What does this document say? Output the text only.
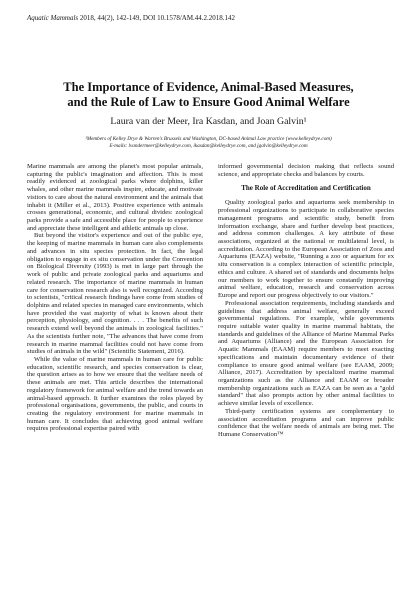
Aquatic Mammals 2018, 44(2), 142-149, DOI 10.1578/AM.44.2.2018.142
The Importance of Evidence, Animal-Based Measures,
and the Rule of Law to Ensure Good Animal Welfare
Laura van der Meer, Ira Kasdan, and Joan Galvin¹
¹Members of Kelley Drye & Warren's Brussels and Washington, DC-based Animal Law practice (www.kelleydrye.com)
E-mails: lvandermeer@kelleydrye.com, ikasdan@kelleydrye.com, and jgalvin@kelleydrye.com

Marine mammals are among the planet's most popular animals, capturing the public's imagination and affection. This is most readily evidenced at zoological parks where dolphins, killer whales, and other marine mammals inspire, educate, and motivate visitors to care about the natural environment and the animals that inhabit it (Miller et al., 2013). Positive experience with animals crosses generational, economic, and cultural divides: zoological parks provide a safe and accessible place for people to experience and appreciate these intelligent and athletic animals up close.

But beyond the visitor's experience and out of the public eye, the keeping of marine mammals in human care also complements and advances in situ species protection. In fact, the legal obligation to engage in ex situ conservation under the Convention on Biological Diversity (1993) is met in large part through the work of public and private zoological parks and aquariums and related research. The importance of marine mammals in human care for conservation research also is well recognized. According to scientists, "critical research findings have come from studies of dolphins and related species in managed care environments, which have provided the vast majority of what is known about their perception, physiology, and cognition. . . . The benefits of such research extend well beyond the animals in zoological facilities." As the scientists further note, "The advances that have come from research in marine mammal facilities could not have come from studies of animals in the wild" (Scientific Statement, 2016).

While the value of marine mammals in human care for public education, scientific research, and species conservation is clear, the question arises as to how we ensure that the welfare needs of these animals are met. This article describes the international regulatory framework for animal welfare and the trend towards an animal-based approach. It further examines the roles played by professional organisations, governments, the public, and courts in creating the regulatory environment for marine mammals in human care. It concludes that achieving good animal welfare requires professional expertise paired with

informed governmental decision making that reflects sound science, and appropriate checks and balances by courts.

The Role of Accreditation and Certification

Quality zoological parks and aquariums seek membership in professional organizations to participate in collaborative species management programs and scientific study, benefit from information exchange, share and further develop best practices, and address common challenges. A key attribute of these associations, organized at the national or multilateral level, is accreditation. According to the European Association of Zoos and Aquariums (EAZA) website, "Running a zoo or aquarium for ex situ conservation is a complex interaction of scientific principle, ethics and culture. A shared set of standards and documents helps our members to work together to ensure constantly improving animal welfare, education, research and conservation across Europe and report our progress objectively to our visitors."

Professional association requirements, including standards and guidelines that address animal welfare, generally exceed governmental regulations. For example, while governments require suitable water quality in marine mammal habitats, the standards and guidelines of the Alliance of Marine Mammal Parks and Aquariums (Alliance) and the European Association for Aquatic Mammals (EAAM) require members to meet exacting specifications and maintain documentary evidence of their compliance to ensure good animal welfare (see EAAM, 2009; Alliance, 2017). Accreditation by specialized marine mammal organizations such as the Alliance and EAAM or broader membership organizations such as EAZA can be seen as a "gold standard" that also prompts action by other animal facilities to achieve similar levels of excellence.

Third-party certification systems are complementary to association accreditation programs and can improve public confidence that the welfare needs of animals are being met. The Humane Conservation™
